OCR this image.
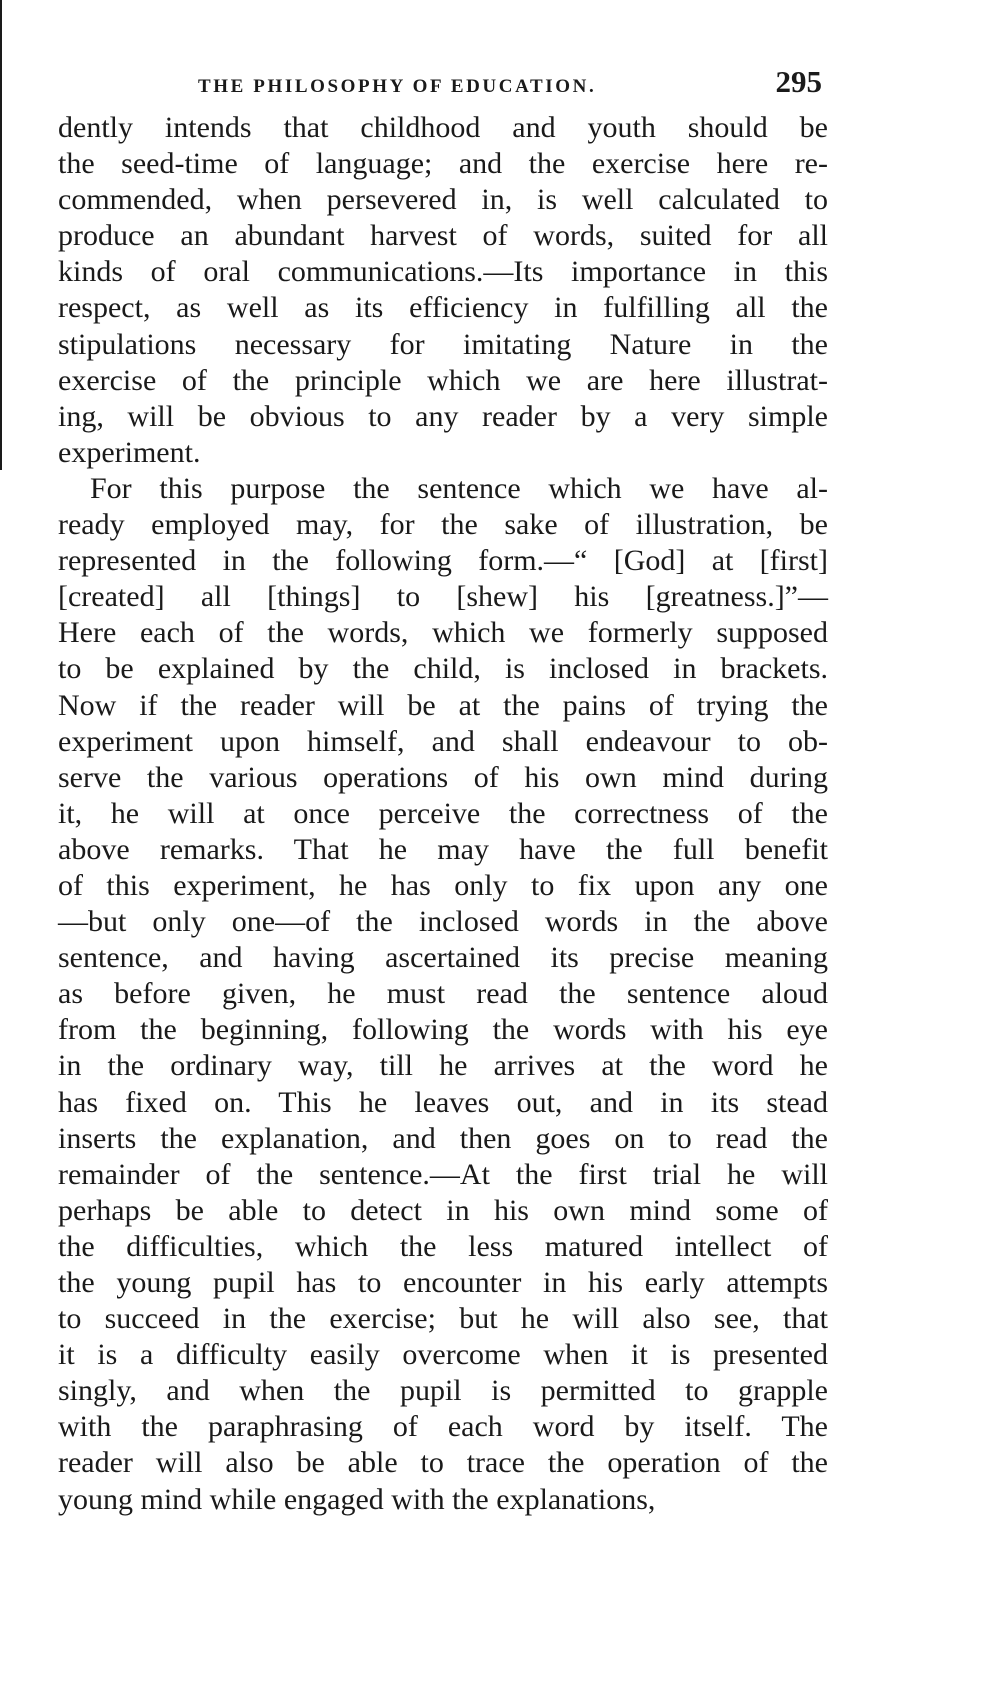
THE PHILOSOPHY OF EDUCATION.	295
dently intends that childhood and youth should be
the seed-time of language; and the exercise here re-
commended, when persevered in, is well calculated to
produce an abundant harvest of words, suited for all
kinds of oral communications.—Its importance in this
respect, as well as its efficiency in fulfilling all the
stipulations necessary for imitating Nature in the
exercise of the principle which we are here illustrat-
ing, will be obvious to any reader by a very simple
experiment.
For this purpose the sentence which we have al-
ready employed may, for the sake of illustration, be
represented in the following form.—“ [God] at [first]
[created] all [things] to [shew] his [greatness.]”—
Here each of the words, which we formerly supposed
to be explained by the child, is inclosed in brackets.
Now if the reader will be at the pains of trying the
experiment upon himself, and shall endeavour to ob-
serve the various operations of his own mind during
it, he will at once perceive the correctness of the
above remarks. That he may have the full benefit
of this experiment, he has only to fix upon any one
—but only one—of the inclosed words in the above
sentence, and having ascertained its precise meaning
as before given, he must read the sentence aloud
from the beginning, following the words with his eye
in the ordinary way, till he arrives at the word he
has fixed on. This he leaves out, and in its stead
inserts the explanation, and then goes on to read the
remainder of the sentence.—At the first trial he will
perhaps be able to detect in his own mind some of
the difficulties, which the less matured intellect of
the young pupil has to encounter in his early attempts
to succeed in the exercise; but he will also see, that
it is a difficulty easily overcome when it is presented
singly, and when the pupil is permitted to grapple
with the paraphrasing of each word by itself. The
reader will also be able to trace the operation of the
young mind while engaged with the explanations,
